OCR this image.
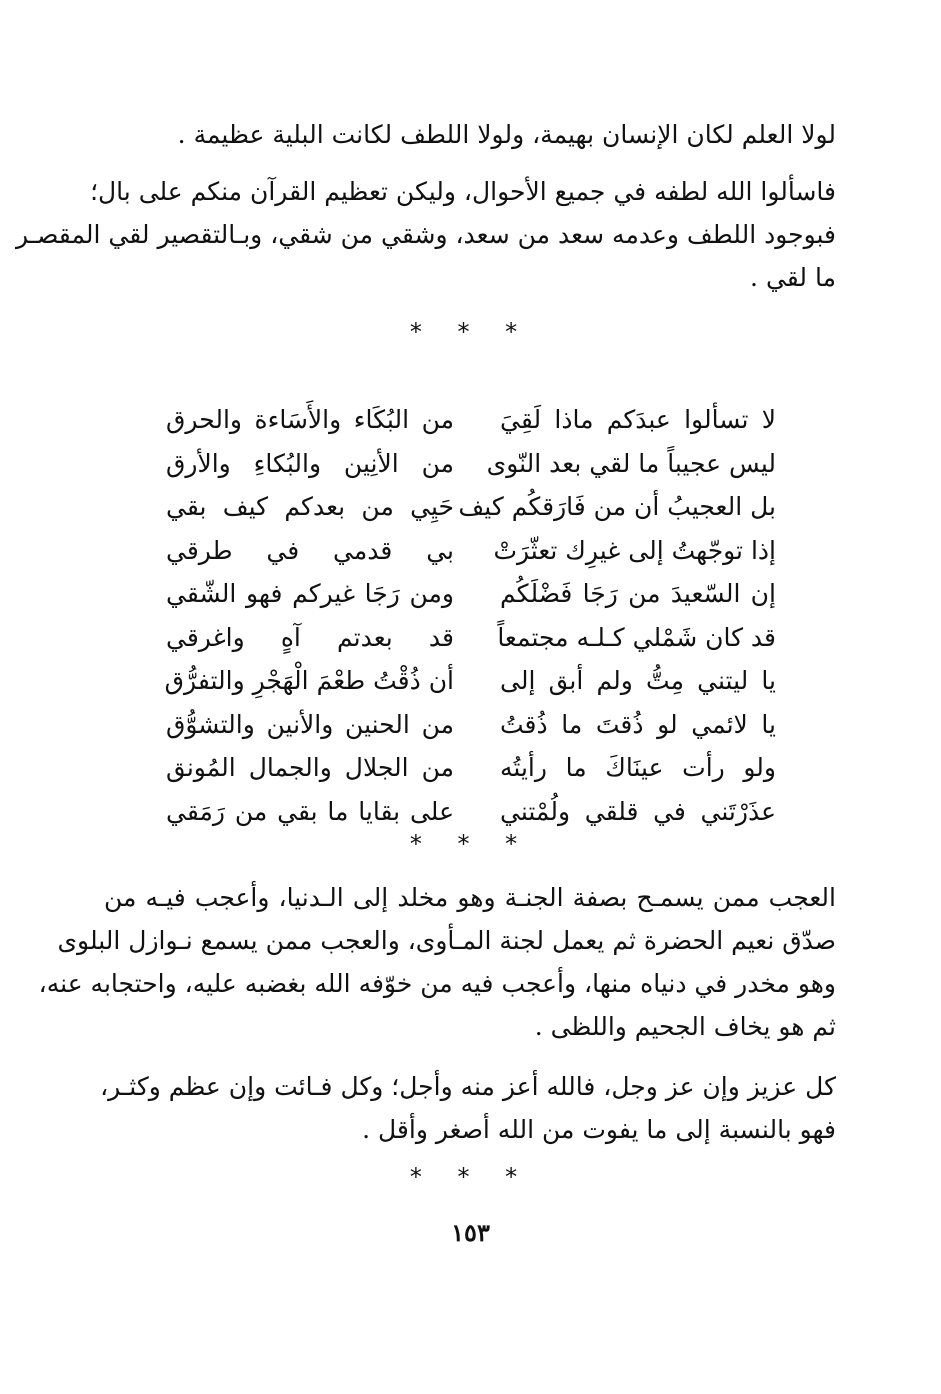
لولا العلم لكان الإنسان بهيمة، ولولا اللطف لكانت البلية عظيمة .
فاسألوا الله لطفه في جميع الأحوال، وليكن تعظيم القرآن منكم على بال؛
فبوجود اللطف وعدمه سعد من سعد، وشقي من شقي، وبـالتقصير لقي المقصـر
ما لقي .
* * *
لا تسألوا عبدَكم ماذا لَقِيَ
من البُكَاء والأَسَاءة والحرق
ليس عجيباً ما لقي بعد النّوى
من الأنِين والبُكاءِ والأرق
بل العجيبُ أن من فَارَقكُم كيف
حَيِي من بعدكم كيف بقي
إذا توجّهتُ إلى غيرِك تعثّرَتْ
بي قدمي في طرقي
إن السّعيدَ من رَجَا فَضْلَكُم
ومن رَجَا غيركم فهو الشّقي
قد كان شَمْلي كـلـه مجتمعاً
قد بعدتم آهٍ واغرقي
يا ليتني مِتُّ ولم أبق إلى
أن ذُقْتُ طعْمَ الْهَجْرِ والتفرُّق
يا لائمي لو ذُقتَ ما ذُقتُ
من الحنين والأنين والتشوُّق
ولو رأت عينَاكَ ما رأيتُه
من الجلال والجمال المُونق
عذَرْتَني في قلقي ولُمْتني
على بقايا ما بقي من رَمَقي
* * *
العجب ممن يسمـح بصفة الجنـة وهو مخلد إلى الـدنيا، وأعجب فيـه من
صدّق نعيم الحضرة ثم يعمل لجنة المـأوى، والعجب ممن يسمع نـوازل البلوى
وهو مخدر في دنياه منها، وأعجب فيه من خوّفه الله بغضبه عليه، واحتجابه عنه،
ثم هو يخاف الجحيم واللظى .
كل عزيز وإن عز وجل، فالله أعز منه وأجل؛ وكل فـائت وإن عظم وكثـر،
فهو بالنسبة إلى ما يفوت من الله أصغر وأقل .
* * *
١٥٣
